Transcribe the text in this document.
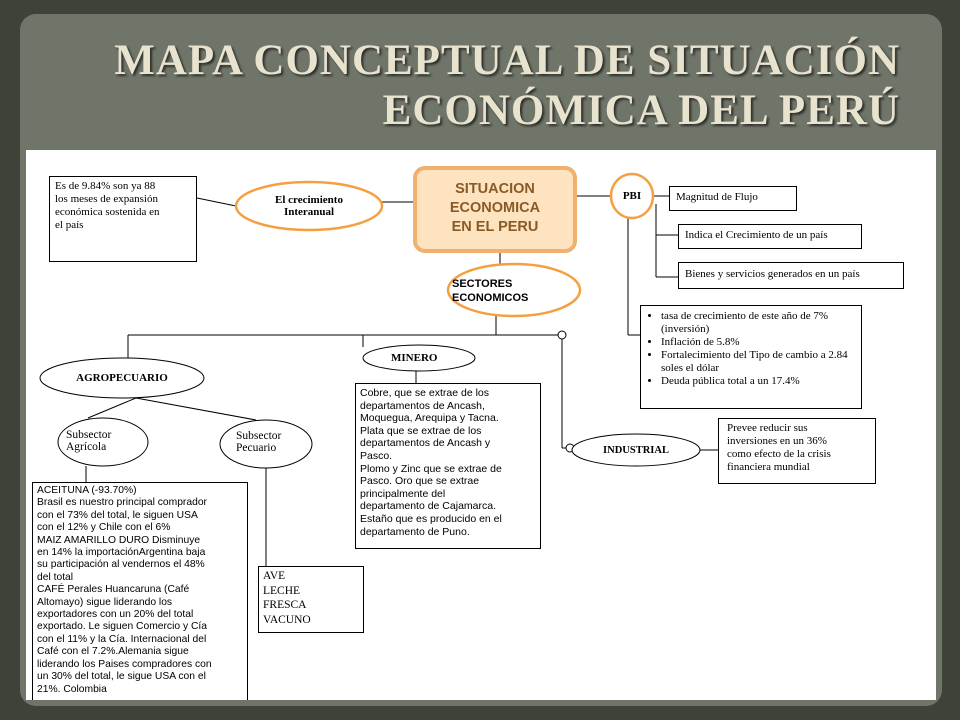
MAPA CONCEPTUAL DE SITUACIÓN
ECONÓMICA DEL PERÚ
SITUACION
ECONOMICA
EN EL PERU
El crecimiento
Interanual
Es de 9.84% son ya 88
los meses de expansión
económica sostenida en
el país
PBI	Magnitud de Flujo
Indica el Crecimiento de un país
Bienes y servicios generados en un país
• tasa de crecimiento de este año de 7% (inversión)
• Inflación de 5.8%
• Fortalecimiento del Tipo de cambio a 2.84 soles el dólar
• Deuda pública total a un 17.4%
SECTORES
ECONOMICOS
AGROPECUARIO
Subsector
Agrícola
Subsector
Pecuario
ACEITUNA (-93.70%)
Brasil es nuestro principal comprador
con el 73% del total, le siguen USA
con el 12% y Chile con el 6%
MAIZ AMARILLO DURO Disminuye
en 14% la importaciónArgentina baja
su participación al vendernos el 48%
del total
CAFÉ Perales Huancaruna (Café
Altomayo) sigue liderando los
exportadores con un 20% del total
exportado. Le siguen Comercio y Cía
con el 11% y la Cía. Internacional del
Café con el 7.2%.Alemania sigue
liderando los Paises compradores con
un 30% del total, le sigue USA con el
21%. Colombia
AVE
LECHE
FRESCA
VACUNO
MINERO
Cobre, que se extrae de los
departamentos de Ancash,
Moquegua, Arequipa y Tacna.
Plata que se extrae de los
departamentos de Ancash y
Pasco.
Plomo y Zinc que se extrae de
Pasco. Oro que se extrae
principalmente del
departamento de Cajamarca.
Estaño que es producido en el
departamento de Puno.
INDUSTRIAL
Prevee reducir sus
inversiones en un 36%
como efecto de la crisis
financiera mundial
